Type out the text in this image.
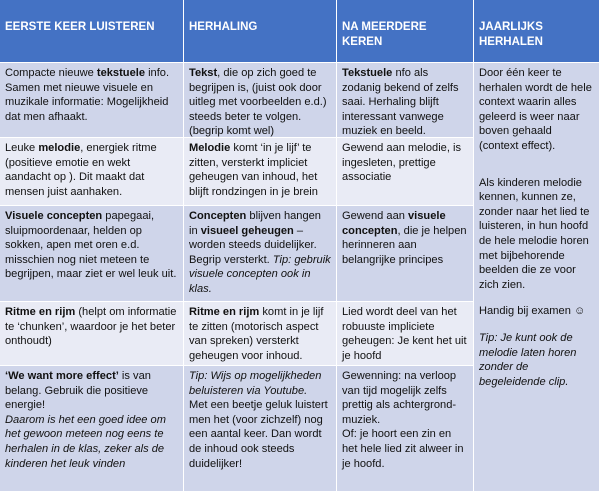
EERSTE KEER LUISTEREN	HERHALING	NA MEERDERE KEREN
JAARLIJKS HERHALEN
Compacte nieuwe tekstuele info. Samen met nieuwe visuele en muzikale informatie: Mogelijkheid dat men afhaakt.
Tekst, die op zich goed te begrijpen is, (juist ook door uitleg met voorbeelden e.d.) steeds beter te volgen. (begrip komt wel)
Tekstuele nfo als zodanig bekend of zelfs saai. Herhaling blijft interessant vanwege muziek en beeld.
Leuke melodie, energiek ritme (positieve emotie en wekt aandacht op ). Dit maakt dat mensen juist aanhaken.
Melodie komt ‘in je lijf’ te zitten, versterkt impliciet geheugen van inhoud, het blijft rondzingen in je brein
Gewend aan melodie, is ingesleten, prettige associatie
Visuele concepten papegaai, sluipmoordenaar, helden op sokken, apen met oren e.d. misschien nog niet meteen te begrijpen, maar ziet er wel leuk uit.
Concepten blijven hangen in visueel geheugen – worden steeds duidelijker. Begrip versterkt. Tip: gebruik visuele concepten ook in klas.
Gewend aan visuele concepten, die je helpen herinneren aan belangrijke principes
Ritme en rijm (helpt om informatie te ‘chunken’, waardoor je het beter onthoudt)
Ritme en rijm komt in je lijf te zitten (motorisch aspect van spreken) versterkt geheugen voor inhoud.
Lied wordt deel van het robuuste impliciete geheugen: Je kent het uit je hoofd
‘We want more effect’ is van belang. Gebruik die positieve energie!
Daarom is het een goed idee om het gewoon meteen nog eens te herhalen in de klas, zeker als de kinderen het leuk vinden
Tip: Wijs op mogelijkheden beluisteren via Youtube.
Met een beetje geluk luistert men het (voor zichzelf) nog een aantal keer. Dan wordt de inhoud ook steeds duidelijker!
Gewenning: na verloop van tijd mogelijk zelfs prettig als achtergrond-muziek.
Of: je hoort een zin en het hele lied zit alweer in je hoofd.

Door één keer te herhalen wordt de hele context waarin alles geleerd is weer naar boven gehaald (context effect).

Als kinderen melodie kennen, kunnen ze, zonder naar het lied te luisteren, in hun hoofd de hele melodie horen met bijbehorende beelden die ze voor zich zien.

Handig bij examen ☺

Tip: Je kunt ook de melodie laten horen zonder de begeleidende clip.
